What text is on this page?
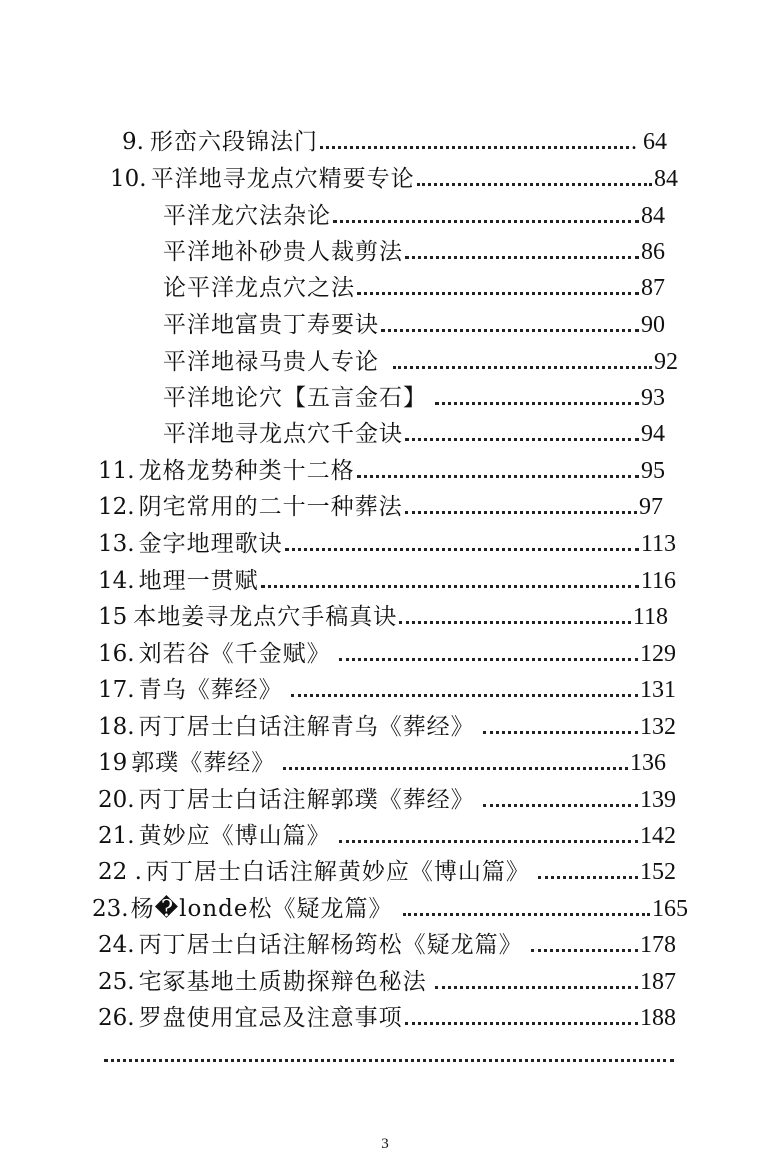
9. 形峦六段锦法门	. 64
10. 平洋地寻龙点穴精要专论	84
平洋龙穴法杂论	84
平洋地补砂贵人裁剪法	86
论平洋龙点穴之法	87
平洋地富贵丁寿要诀	90
平洋地禄马贵人专论	92
平洋地论穴【五言金石】	93
平洋地寻龙点穴千金诀	94
11. 龙格龙势种类十二格	95
12. 阴宅常用的二十一种葬法	97
13. 金字地理歌诀	113
14. 地理一贯赋	116
15 本地姜寻龙点穴手稿真诀	118
16. 刘若谷《千金赋》	129
17. 青乌《葬经》	131
18. 丙丁居士白话注解青乌《葬经》	132
19 郭璞《葬经》	136
20. 丙丁居士白话注解郭璞《葬经》	139
21. 黄妙应《博山篇》	142
22 . 丙丁居士白话注解黄妙应《博山篇》	152
23. 杨�londe松《疑龙篇》	165
24. 丙丁居士白话注解杨筠松《疑龙篇》	178
25. 宅冢基地土质勘探辩色秘法	187
26. 罗盘使用宜忌及注意事项	188
3
